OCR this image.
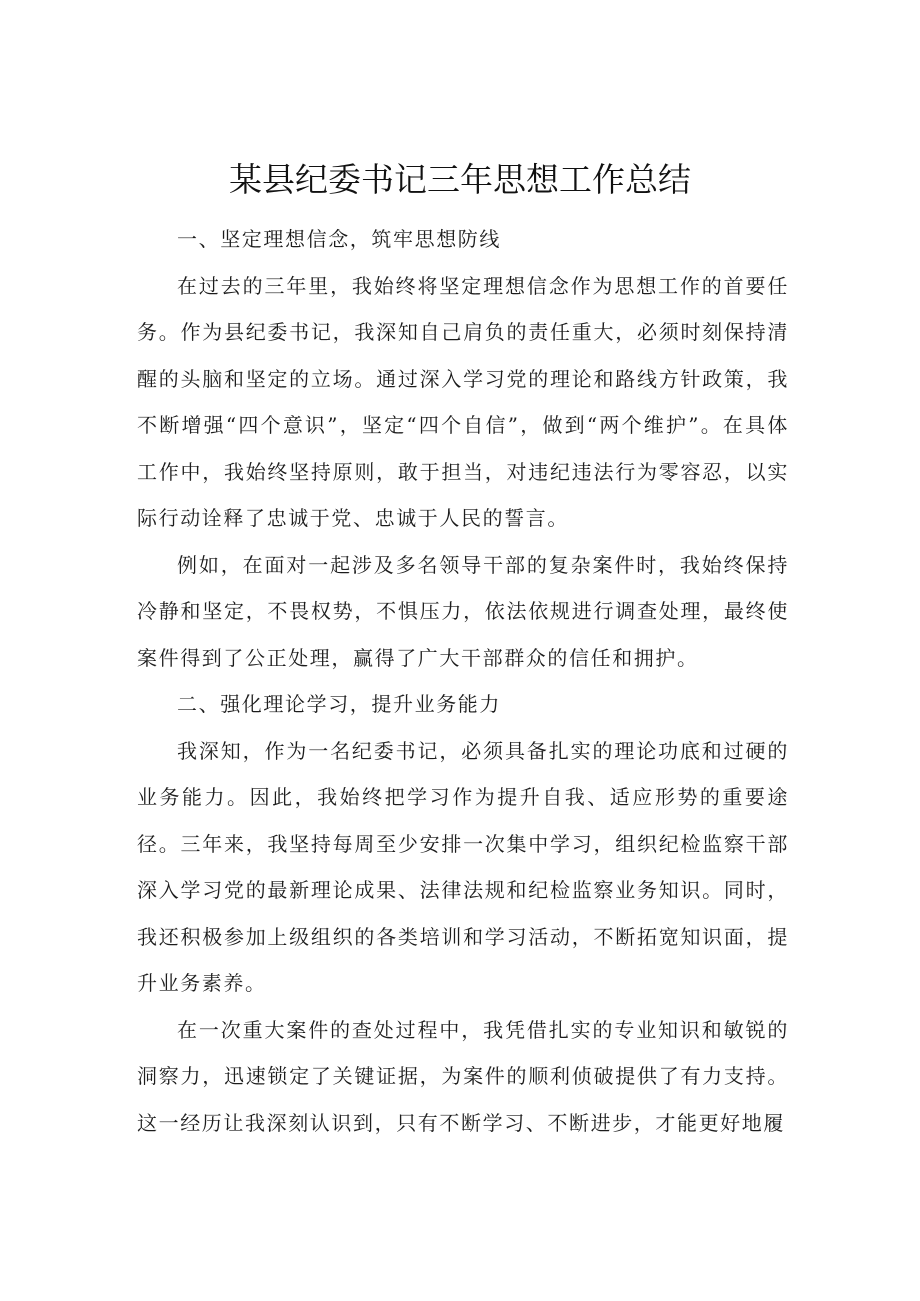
某县纪委书记三年思想工作总结

一、坚定理想信念，筑牢思想防线

在过去的三年里，我始终将坚定理想信念作为思想工作的首要任务。作为县纪委书记，我深知自己肩负的责任重大，必须时刻保持清醒的头脑和坚定的立场。通过深入学习党的理论和路线方针政策，我不断增强“四个意识”，坚定“四个自信”，做到“两个维护”。在具体工作中，我始终坚持原则，敢于担当，对违纪违法行为零容忍，以实际行动诠释了忠诚于党、忠诚于人民的誓言。

例如，在面对一起涉及多名领导干部的复杂案件时，我始终保持冷静和坚定，不畏权势，不惧压力，依法依规进行调查处理，最终使案件得到了公正处理，赢得了广大干部群众的信任和拥护。

二、强化理论学习，提升业务能力

我深知，作为一名纪委书记，必须具备扎实的理论功底和过硬的业务能力。因此，我始终把学习作为提升自我、适应形势的重要途径。三年来，我坚持每周至少安排一次集中学习，组织纪检监察干部深入学习党的最新理论成果、法律法规和纪检监察业务知识。同时，我还积极参加上级组织的各类培训和学习活动，不断拓宽知识面，提升业务素养。

在一次重大案件的查处过程中，我凭借扎实的专业知识和敏锐的洞察力，迅速锁定了关键证据，为案件的顺利侦破提供了有力支持。这一经历让我深刻认识到，只有不断学习、不断进步，才能更好地履
